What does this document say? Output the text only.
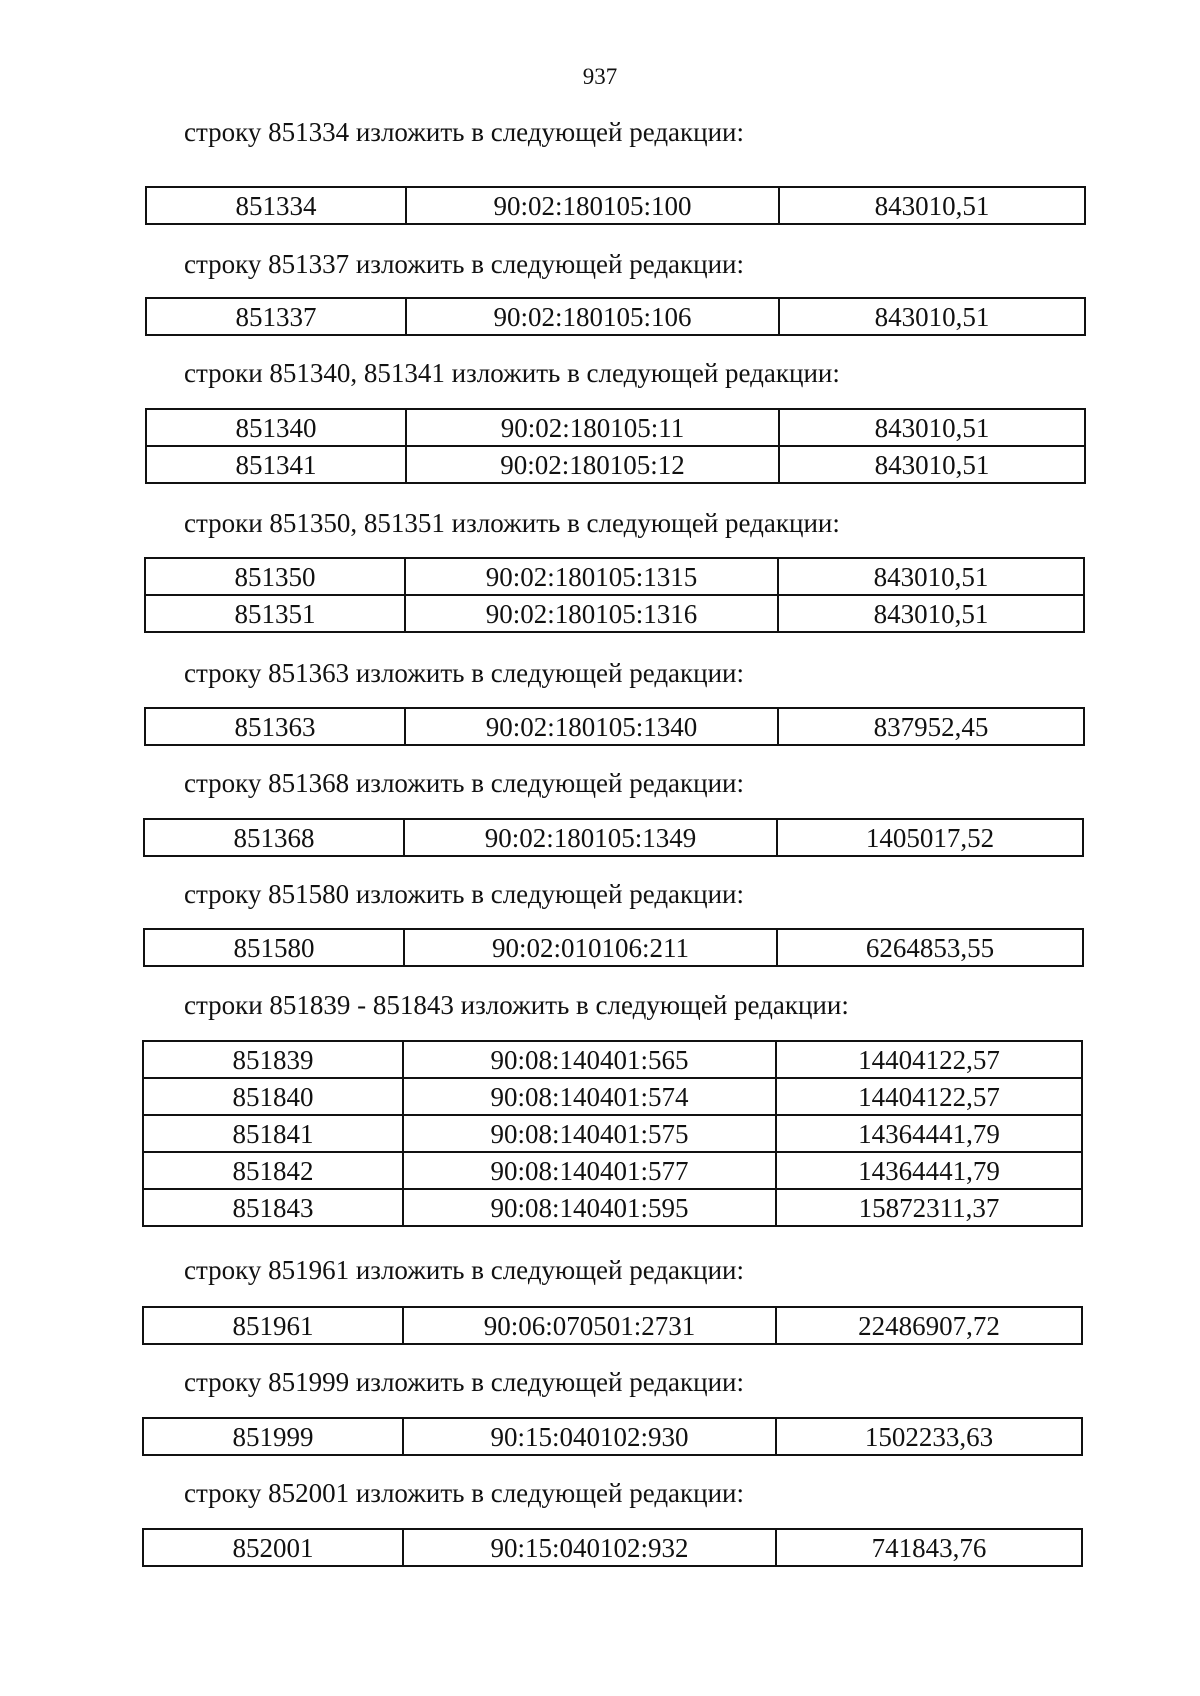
937
строку 851334 изложить в следующей редакции:
851334	90:02:180105:100	843010,51
строку 851337 изложить в следующей редакции:
851337	90:02:180105:106	843010,51
строки 851340, 851341 изложить в следующей редакции:
851340	90:02:180105:11	843010,51
851341	90:02:180105:12	843010,51
строки 851350, 851351 изложить в следующей редакции:
851350	90:02:180105:1315	843010,51
851351	90:02:180105:1316	843010,51
строку 851363 изложить в следующей редакции:
851363	90:02:180105:1340	837952,45
строку 851368 изложить в следующей редакции:
851368	90:02:180105:1349	1405017,52
строку 851580 изложить в следующей редакции:
851580	90:02:010106:211	6264853,55
строки 851839 - 851843 изложить в следующей редакции:
851839	90:08:140401:565	14404122,57
851840	90:08:140401:574	14404122,57
851841	90:08:140401:575	14364441,79
851842	90:08:140401:577	14364441,79
851843	90:08:140401:595	15872311,37
строку 851961 изложить в следующей редакции:
851961	90:06:070501:2731	22486907,72
строку 851999 изложить в следующей редакции:
851999	90:15:040102:930	1502233,63
строку 852001 изложить в следующей редакции:
852001	90:15:040102:932	741843,76
